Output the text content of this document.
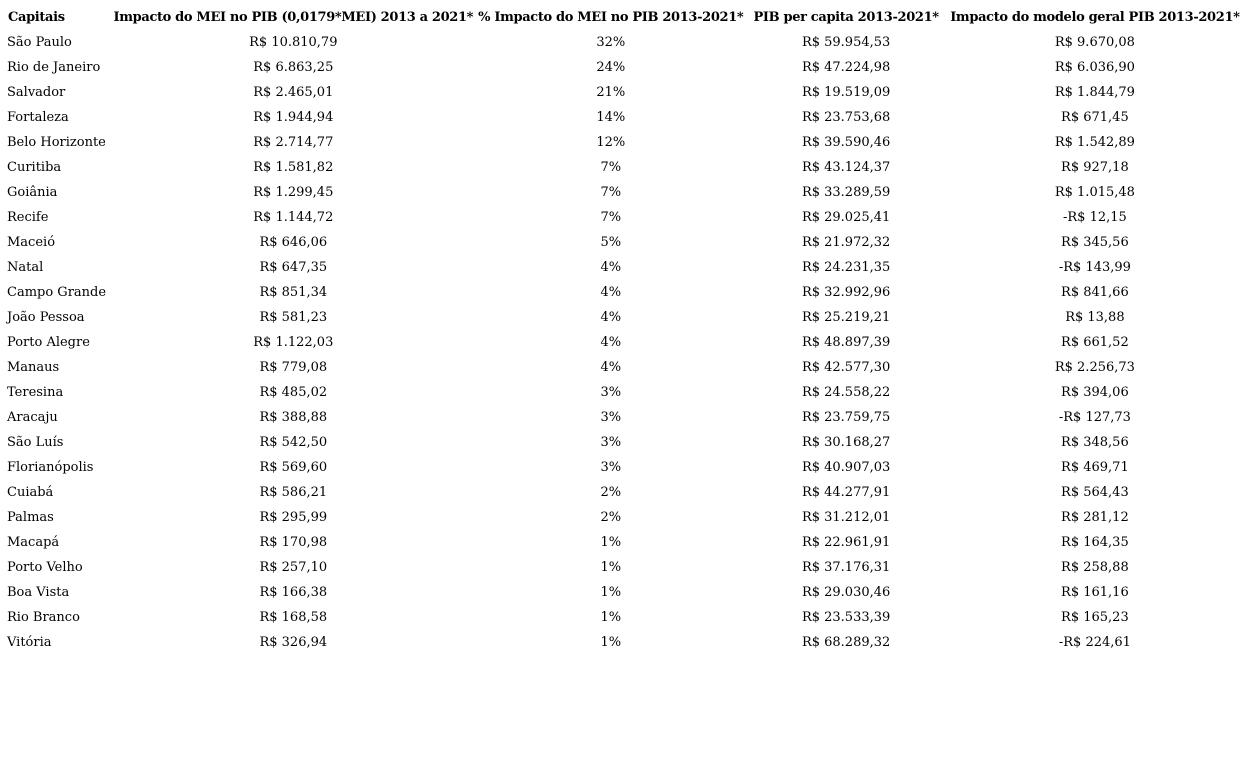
Capitais	Impacto do MEI no PIB (0,0179*MEI) 2013 a 2021*	% Impacto do MEI no PIB 2013-2021*	PIB per capita 2013-2021*	Impacto do modelo geral PIB 2013-2021*
São Paulo	R$ 10.810,79	32%	R$ 59.954,53	R$ 9.670,08
Rio de Janeiro	R$ 6.863,25	24%	R$ 47.224,98	R$ 6.036,90
Salvador	R$ 2.465,01	21%	R$ 19.519,09	R$ 1.844,79
Fortaleza	R$ 1.944,94	14%	R$ 23.753,68	R$ 671,45
Belo Horizonte	R$ 2.714,77	12%	R$ 39.590,46	R$ 1.542,89
Curitiba	R$ 1.581,82	7%	R$ 43.124,37	R$ 927,18
Goiânia	R$ 1.299,45	7%	R$ 33.289,59	R$ 1.015,48
Recife	R$ 1.144,72	7%	R$ 29.025,41	-R$ 12,15
Maceió	R$ 646,06	5%	R$ 21.972,32	R$ 345,56
Natal	R$ 647,35	4%	R$ 24.231,35	-R$ 143,99
Campo Grande	R$ 851,34	4%	R$ 32.992,96	R$ 841,66
João Pessoa	R$ 581,23	4%	R$ 25.219,21	R$ 13,88
Porto Alegre	R$ 1.122,03	4%	R$ 48.897,39	R$ 661,52
Manaus	R$ 779,08	4%	R$ 42.577,30	R$ 2.256,73
Teresina	R$ 485,02	3%	R$ 24.558,22	R$ 394,06
Aracaju	R$ 388,88	3%	R$ 23.759,75	-R$ 127,73
São Luís	R$ 542,50	3%	R$ 30.168,27	R$ 348,56
Florianópolis	R$ 569,60	3%	R$ 40.907,03	R$ 469,71
Cuiabá	R$ 586,21	2%	R$ 44.277,91	R$ 564,43
Palmas	R$ 295,99	2%	R$ 31.212,01	R$ 281,12
Macapá	R$ 170,98	1%	R$ 22.961,91	R$ 164,35
Porto Velho	R$ 257,10	1%	R$ 37.176,31	R$ 258,88
Boa Vista	R$ 166,38	1%	R$ 29.030,46	R$ 161,16
Rio Branco	R$ 168,58	1%	R$ 23.533,39	R$ 165,23
Vitória	R$ 326,94	1%	R$ 68.289,32	-R$ 224,61
